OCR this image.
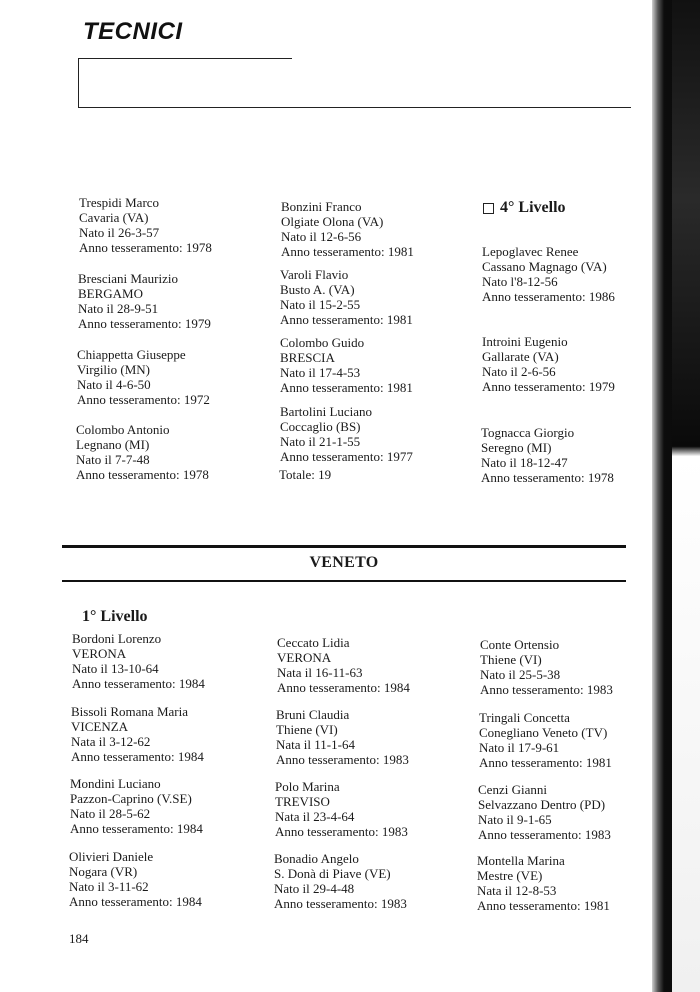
TECNICI
Trespidi Marco
Cavaria (VA)
Nato il 26-3-57
Anno tesseramento: 1978
Bresciani Maurizio
BERGAMO
Nato il 28-9-51
Anno tesseramento: 1979
Chiappetta Giuseppe
Virgilio (MN)
Nato il 4-6-50
Anno tesseramento: 1972
Colombo Antonio
Legnano (MI)
Nato il 7-7-48
Anno tesseramento: 1978
Bonzini Franco
Olgiate Olona (VA)
Nato il 12-6-56
Anno tesseramento: 1981
Varoli Flavio
Busto A. (VA)
Nato il 15-2-55
Anno tesseramento: 1981
Colombo Guido
BRESCIA
Nato il 17-4-53
Anno tesseramento: 1981
Bartolini Luciano
Coccaglio (BS)
Nato il 21-1-55
Anno tesseramento: 1977
Totale: 19
4° Livello
Lepoglavec Renee
Cassano Magnago (VA)
Nato l'8-12-56
Anno tesseramento: 1986
Introini Eugenio
Gallarate (VA)
Nato il 2-6-56
Anno tesseramento: 1979
Tognacca Giorgio
Seregno (MI)
Nato il 18-12-47
Anno tesseramento: 1978
VENETO
1° Livello
Bordoni Lorenzo
VERONA
Nato il 13-10-64
Anno tesseramento: 1984
Bissoli Romana Maria
VICENZA
Nata il 3-12-62
Anno tesseramento: 1984
Mondini Luciano
Pazzon-Caprino (V.SE)
Nato il 28-5-62
Anno tesseramento: 1984
Olivieri Daniele
Nogara (VR)
Nato il 3-11-62
Anno tesseramento: 1984
Ceccato Lidia
VERONA
Nata il 16-11-63
Anno tesseramento: 1984
Bruni Claudia
Thiene (VI)
Nata il 11-1-64
Anno tesseramento: 1983
Polo Marina
TREVISO
Nata il 23-4-64
Anno tesseramento: 1983
Bonadio Angelo
S. Donà di Piave (VE)
Nato il 29-4-48
Anno tesseramento: 1983
Conte Ortensio
Thiene (VI)
Nato il 25-5-38
Anno tesseramento: 1983
Tringali Concetta
Conegliano Veneto (TV)
Nato il 17-9-61
Anno tesseramento: 1981
Cenzi Gianni
Selvazzano Dentro (PD)
Nato il 9-1-65
Anno tesseramento: 1983
Montella Marina
Mestre (VE)
Nata il 12-8-53
Anno tesseramento: 1981
184
